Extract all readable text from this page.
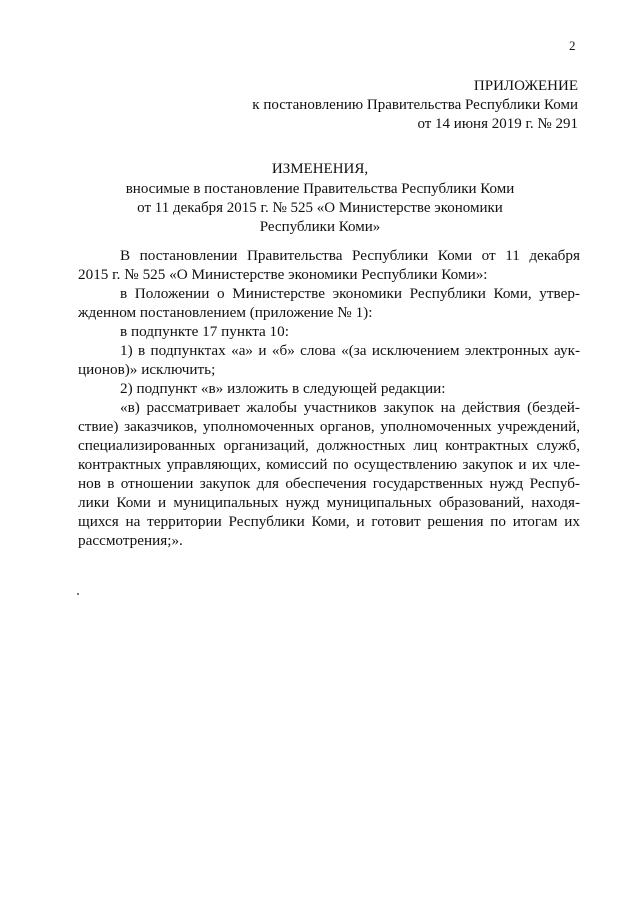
2
ПРИЛОЖЕНИЕ
к постановлению Правительства Республики Коми
от 14 июня 2019 г. № 291
ИЗМЕНЕНИЯ,
вносимые в постановление Правительства Республики Коми
от 11 декабря 2015 г. № 525 «О Министерстве экономики
Республики Коми»
В постановлении Правительства Республики Коми от 11 декабря
2015 г. № 525 «О Министерстве экономики Республики Коми»:
в Положении о Министерстве экономики Республики Коми, утвер-
жденном постановлением (приложение № 1):
в подпункте 17 пункта 10:
1) в подпунктах «а» и «б» слова «(за исключением электронных аук-
ционов)» исключить;
2) подпункт «в» изложить в следующей редакции:
«в) рассматривает жалобы участников закупок на действия (бездей-
ствие) заказчиков, уполномоченных органов, уполномоченных учреждений,
специализированных организаций, должностных лиц контрактных служб,
контрактных управляющих, комиссий по осуществлению закупок и их чле-
нов в отношении закупок для обеспечения государственных нужд Респуб-
лики Коми и муниципальных нужд муниципальных образований, находя-
щихся на территории Республики Коми, и готовит решения по итогам их
рассмотрения;».
